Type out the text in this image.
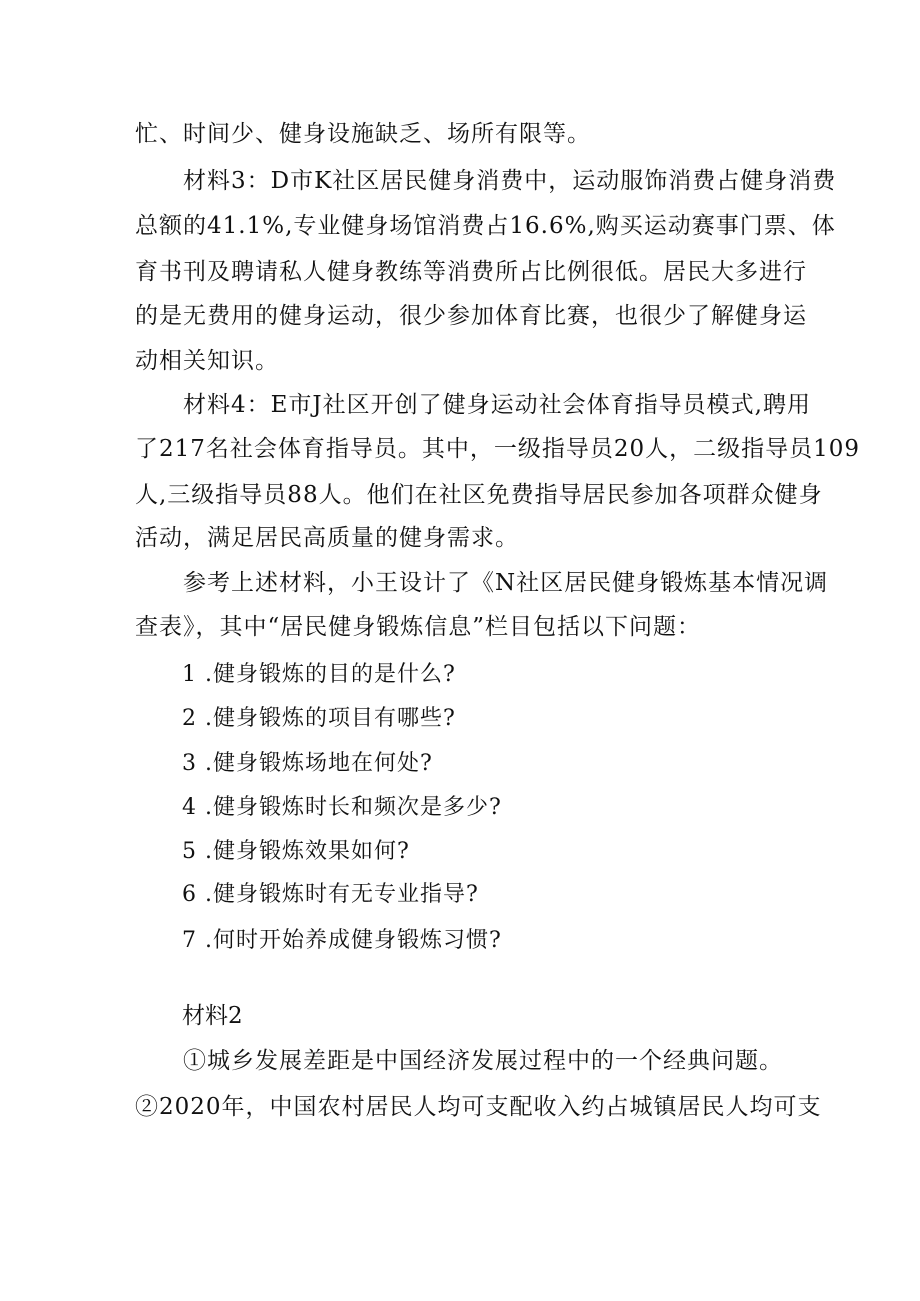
忙、时间少、健身设施缺乏、场所有限等。
材料3：D市K社区居民健身消费中，运动服饰消费占健身消费
总额的41.1%,专业健身场馆消费占16.6%,购买运动赛事门票、体
育书刊及聘请私人健身教练等消费所占比例很低。居民大多进行
的是无费用的健身运动，很少参加体育比赛，也很少了解健身运
动相关知识。
材料4：E市J社区开创了健身运动社会体育指导员模式,聘用
了217名社会体育指导员。其中，一级指导员20人，二级指导员109
人,三级指导员88人。他们在社区免费指导居民参加各项群众健身
活动，满足居民高质量的健身需求。
参考上述材料，小王设计了《N社区居民健身锻炼基本情况调
查表》，其中“居民健身锻炼信息”栏目包括以下问题：
1 .健身锻炼的目的是什么?
2 .健身锻炼的项目有哪些?
3 .健身锻炼场地在何处?
4 .健身锻炼时长和频次是多少?
5 .健身锻炼效果如何?
6 .健身锻炼时有无专业指导?
7 .何时开始养成健身锻炼习惯?
材料2
①城乡发展差距是中国经济发展过程中的一个经典问题。
②2020年，中国农村居民人均可支配收入约占城镇居民人均可支
